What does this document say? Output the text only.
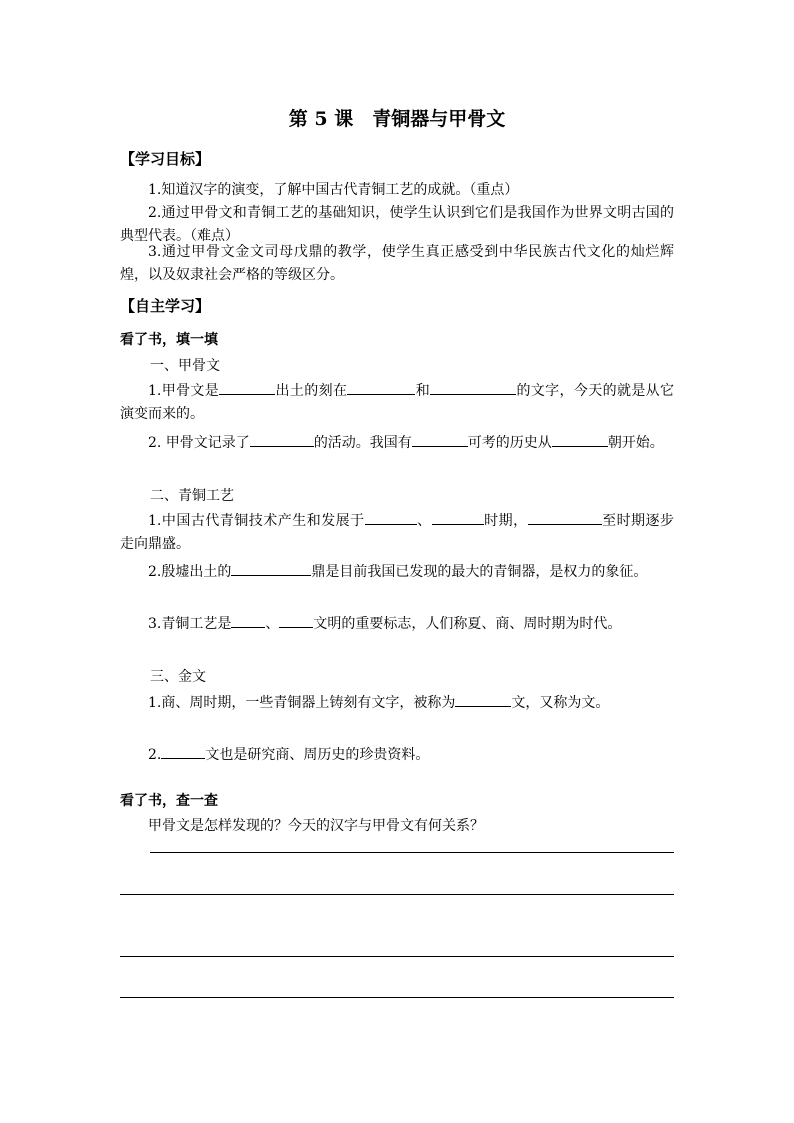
第 5 课　青铜器与甲骨文
【学习目标】
1.知道汉字的演变，了解中国古代青铜工艺的成就。（重点）
2.通过甲骨文和青铜工艺的基础知识，使学生认识到它们是我国作为世界文明古国的典型代表。（难点）
3.通过甲骨文金文司母戊鼎的教学，使学生真正感受到中华民族古代文化的灿烂辉煌，以及奴隶社会严格的等级区分。
【自主学习】
看了书，填一填
一、甲骨文
1.甲骨文是	出土的刻在	和	的文字，今天的就是从它演变而来的。
2. 甲骨文记录了	的活动。我国有	可考的历史从	朝开始。
二、青铜工艺
1.中国古代青铜技术产生和发展于	、	时期，	至时期逐步走向鼎盛。
2.殷墟出土的	鼎是目前我国已发现的最大的青铜器，是权力的象征。
3.青铜工艺是 、 文明的重要标志，人们称夏、商、周时期为时代。
三、金文
1.商、周时期，一些青铜器上铸刻有文字，被称为	文，又称为文。
2.	文也是研究商、周历史的珍贵资料。
看了书，查一查
甲骨文是怎样发现的？今天的汉字与甲骨文有何关系？
